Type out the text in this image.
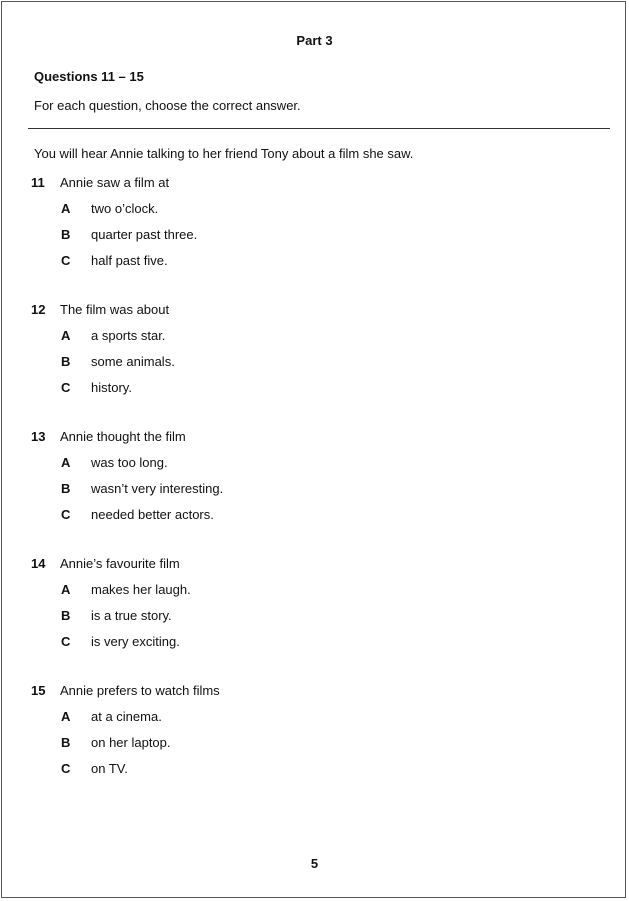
Part 3
Questions 11 – 15
For each question, choose the correct answer.
You will hear Annie talking to her friend Tony about a film she saw.
11 Annie saw a film at
A two o’clock.
B quarter past three.
C half past five.
12 The film was about
A a sports star.
B some animals.
C history.
13 Annie thought the film
A was too long.
B wasn’t very interesting.
C needed better actors.
14 Annie’s favourite film
A makes her laugh.
B is a true story.
C is very exciting.
15 Annie prefers to watch films
A at a cinema.
B on her laptop.
C on TV.
5
